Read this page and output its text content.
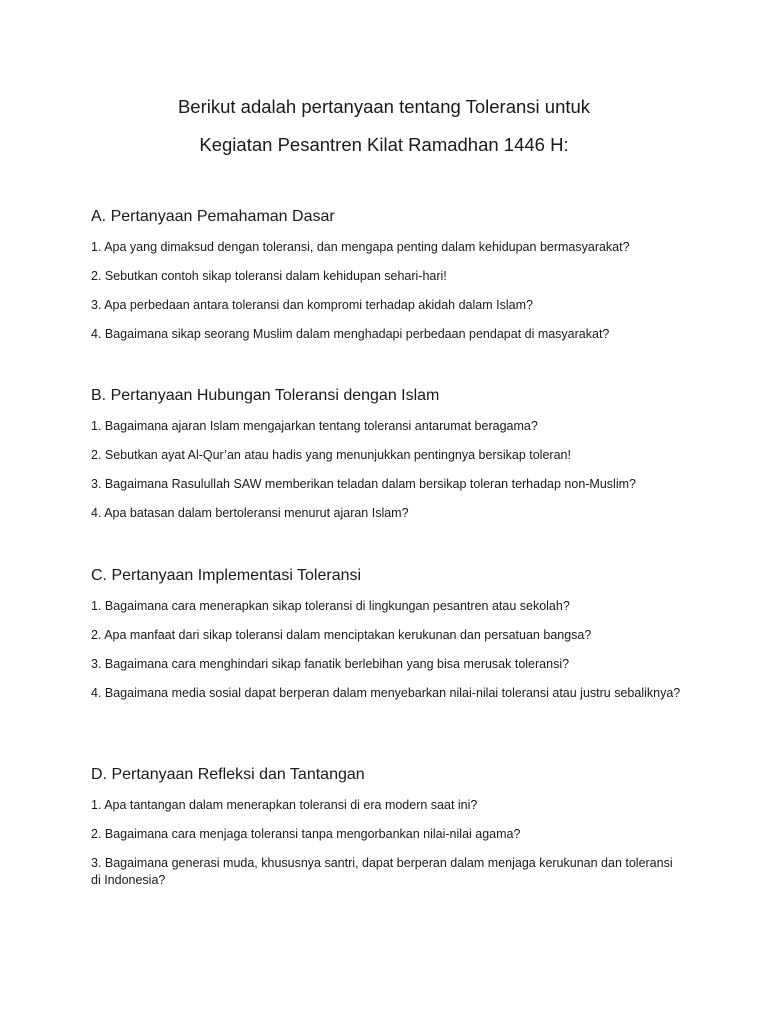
Berikut adalah pertanyaan tentang Toleransi untuk
Kegiatan Pesantren Kilat Ramadhan 1446 H:
A. Pertanyaan Pemahaman Dasar

1. Apa yang dimaksud dengan toleransi, dan mengapa penting dalam kehidupan bermasyarakat?

2. Sebutkan contoh sikap toleransi dalam kehidupan sehari-hari!

3. Apa perbedaan antara toleransi dan kompromi terhadap akidah dalam Islam?

4. Bagaimana sikap seorang Muslim dalam menghadapi perbedaan pendapat di masyarakat?

B. Pertanyaan Hubungan Toleransi dengan Islam

1. Bagaimana ajaran Islam mengajarkan tentang toleransi antarumat beragama?

2. Sebutkan ayat Al-Qur’an atau hadis yang menunjukkan pentingnya bersikap toleran!

3. Bagaimana Rasulullah SAW memberikan teladan dalam bersikap toleran terhadap non-Muslim?

4. Apa batasan dalam bertoleransi menurut ajaran Islam?

C. Pertanyaan Implementasi Toleransi

1. Bagaimana cara menerapkan sikap toleransi di lingkungan pesantren atau sekolah?

2. Apa manfaat dari sikap toleransi dalam menciptakan kerukunan dan persatuan bangsa?

3. Bagaimana cara menghindari sikap fanatik berlebihan yang bisa merusak toleransi?

4. Bagaimana media sosial dapat berperan dalam menyebarkan nilai-nilai toleransi atau justru sebaliknya?

D. Pertanyaan Refleksi dan Tantangan

1. Apa tantangan dalam menerapkan toleransi di era modern saat ini?

2. Bagaimana cara menjaga toleransi tanpa mengorbankan nilai-nilai agama?

3. Bagaimana generasi muda, khususnya santri, dapat berperan dalam menjaga kerukunan dan toleransi di Indonesia?
